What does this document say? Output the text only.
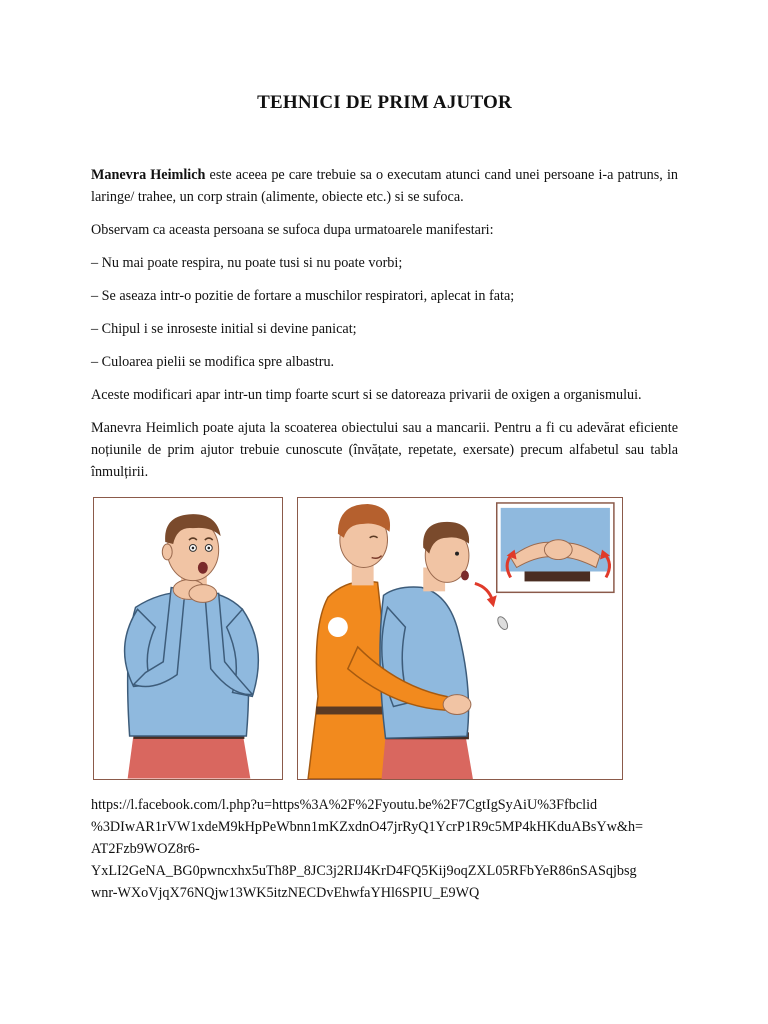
TEHNICI DE PRIM AJUTOR

Manevra Heimlich este aceea pe care trebuie sa o executam atunci cand unei persoane i-a patruns, in laringe/ trahee, un corp strain (alimente, obiecte etc.) si se sufoca.

Observam ca aceasta persoana se sufoca dupa urmatoarele manifestari:

– Nu mai poate respira, nu poate tusi si nu poate vorbi;

– Se aseaza intr-o pozitie de fortare a muschilor respiratori, aplecat in fata;

– Chipul i se inroseste initial si devine panicat;

– Culoarea pielii se modifica spre albastru.

Aceste modificari apar intr-un timp foarte scurt si se datoreaza privarii de oxigen a organismului.

Manevra Heimlich poate ajuta la scoaterea obiectului sau a mancarii. Pentru a fi cu adevărat eficiente noțiunile de prim ajutor trebuie cunoscute (învățate, repetate, exersate) precum alfabetul sau tabla înmulțirii.

https://l.facebook.com/l.php?u=https%3A%2F%2Fyoutu.be%2F7CgtIgSyAiU%3Ffbclid
%3DIwAR1rVW1xdeM9kHpPeWbnn1mKZxdnO47jrRyQ1YcrP1R9c5MP4kHKduABsYw&h=
AT2Fzb9WOZ8r6-
YxLI2GeNA_BG0pwncxhx5uTh8P_8JC3j2RIJ4KrD4FQ5Kij9oqZXL05RFbYeR86nSASqjbsg
wnr-WXoVjqX76NQjw13WK5itzNECDvEhwfaYHl6SPIU_E9WQ
